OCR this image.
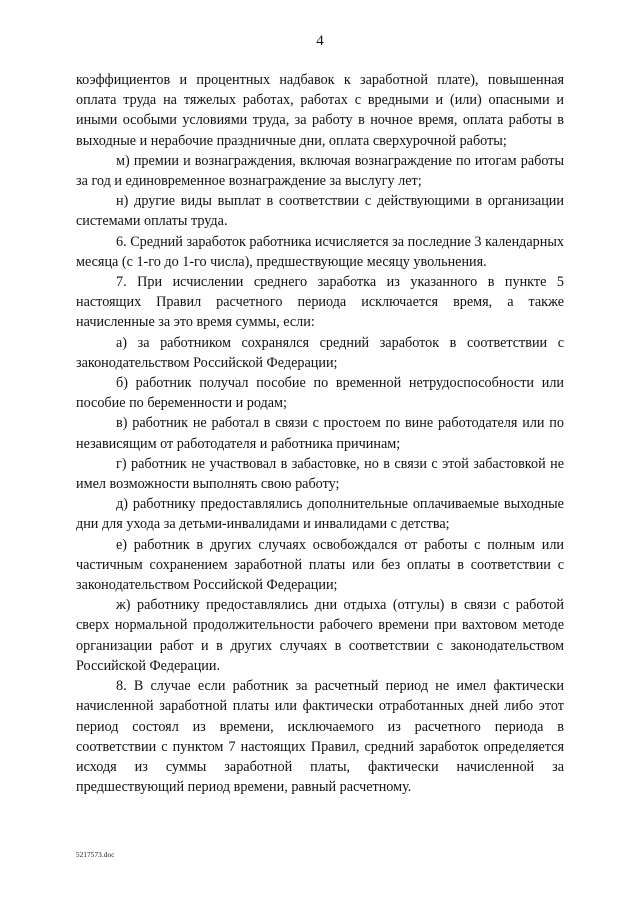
4

коэффициентов и процентных надбавок к заработной плате), повышенная оплата труда на тяжелых работах, работах с вредными и (или) опасными и иными особыми условиями труда, за работу в ночное время, оплата работы в выходные и нерабочие праздничные дни, оплата сверхурочной работы;

м) премии и вознаграждения, включая вознаграждение по итогам работы за год и единовременное вознаграждение за выслугу лет;

н) другие виды выплат в соответствии с действующими в организации системами оплаты труда.

6. Средний заработок работника исчисляется за последние 3 календарных месяца (с 1-го до 1-го числа), предшествующие месяцу увольнения.

7. При исчислении среднего заработка из указанного в пункте 5 настоящих Правил расчетного периода исключается время, а также начисленные за это время суммы, если:

а) за работником сохранялся средний заработок в соответствии с законодательством Российской Федерации;

б) работник получал пособие по временной нетрудоспособности или пособие по беременности и родам;

в) работник не работал в связи с простоем по вине работодателя или по независящим от работодателя и работника причинам;

г) работник не участвовал в забастовке, но в связи с этой забастовкой не имел возможности выполнять свою работу;

д) работнику предоставлялись дополнительные оплачиваемые выходные дни для ухода за детьми-инвалидами и инвалидами с детства;

е) работник в других случаях освобождался от работы с полным или частичным сохранением заработной платы или без оплаты в соответствии с законодательством Российской Федерации;

ж) работнику предоставлялись дни отдыха (отгулы) в связи с работой сверх нормальной продолжительности рабочего времени при вахтовом методе организации работ и в других случаях в соответствии с законодательством Российской Федерации.

8. В случае если работник за расчетный период не имел фактически начисленной заработной платы или фактически отработанных дней либо этот период состоял из времени, исключаемого из расчетного периода в соответствии с пунктом 7 настоящих Правил, средний заработок определяется исходя из суммы заработной платы, фактически начисленной за предшествующий период времени, равный расчетному.

5217573.doc
